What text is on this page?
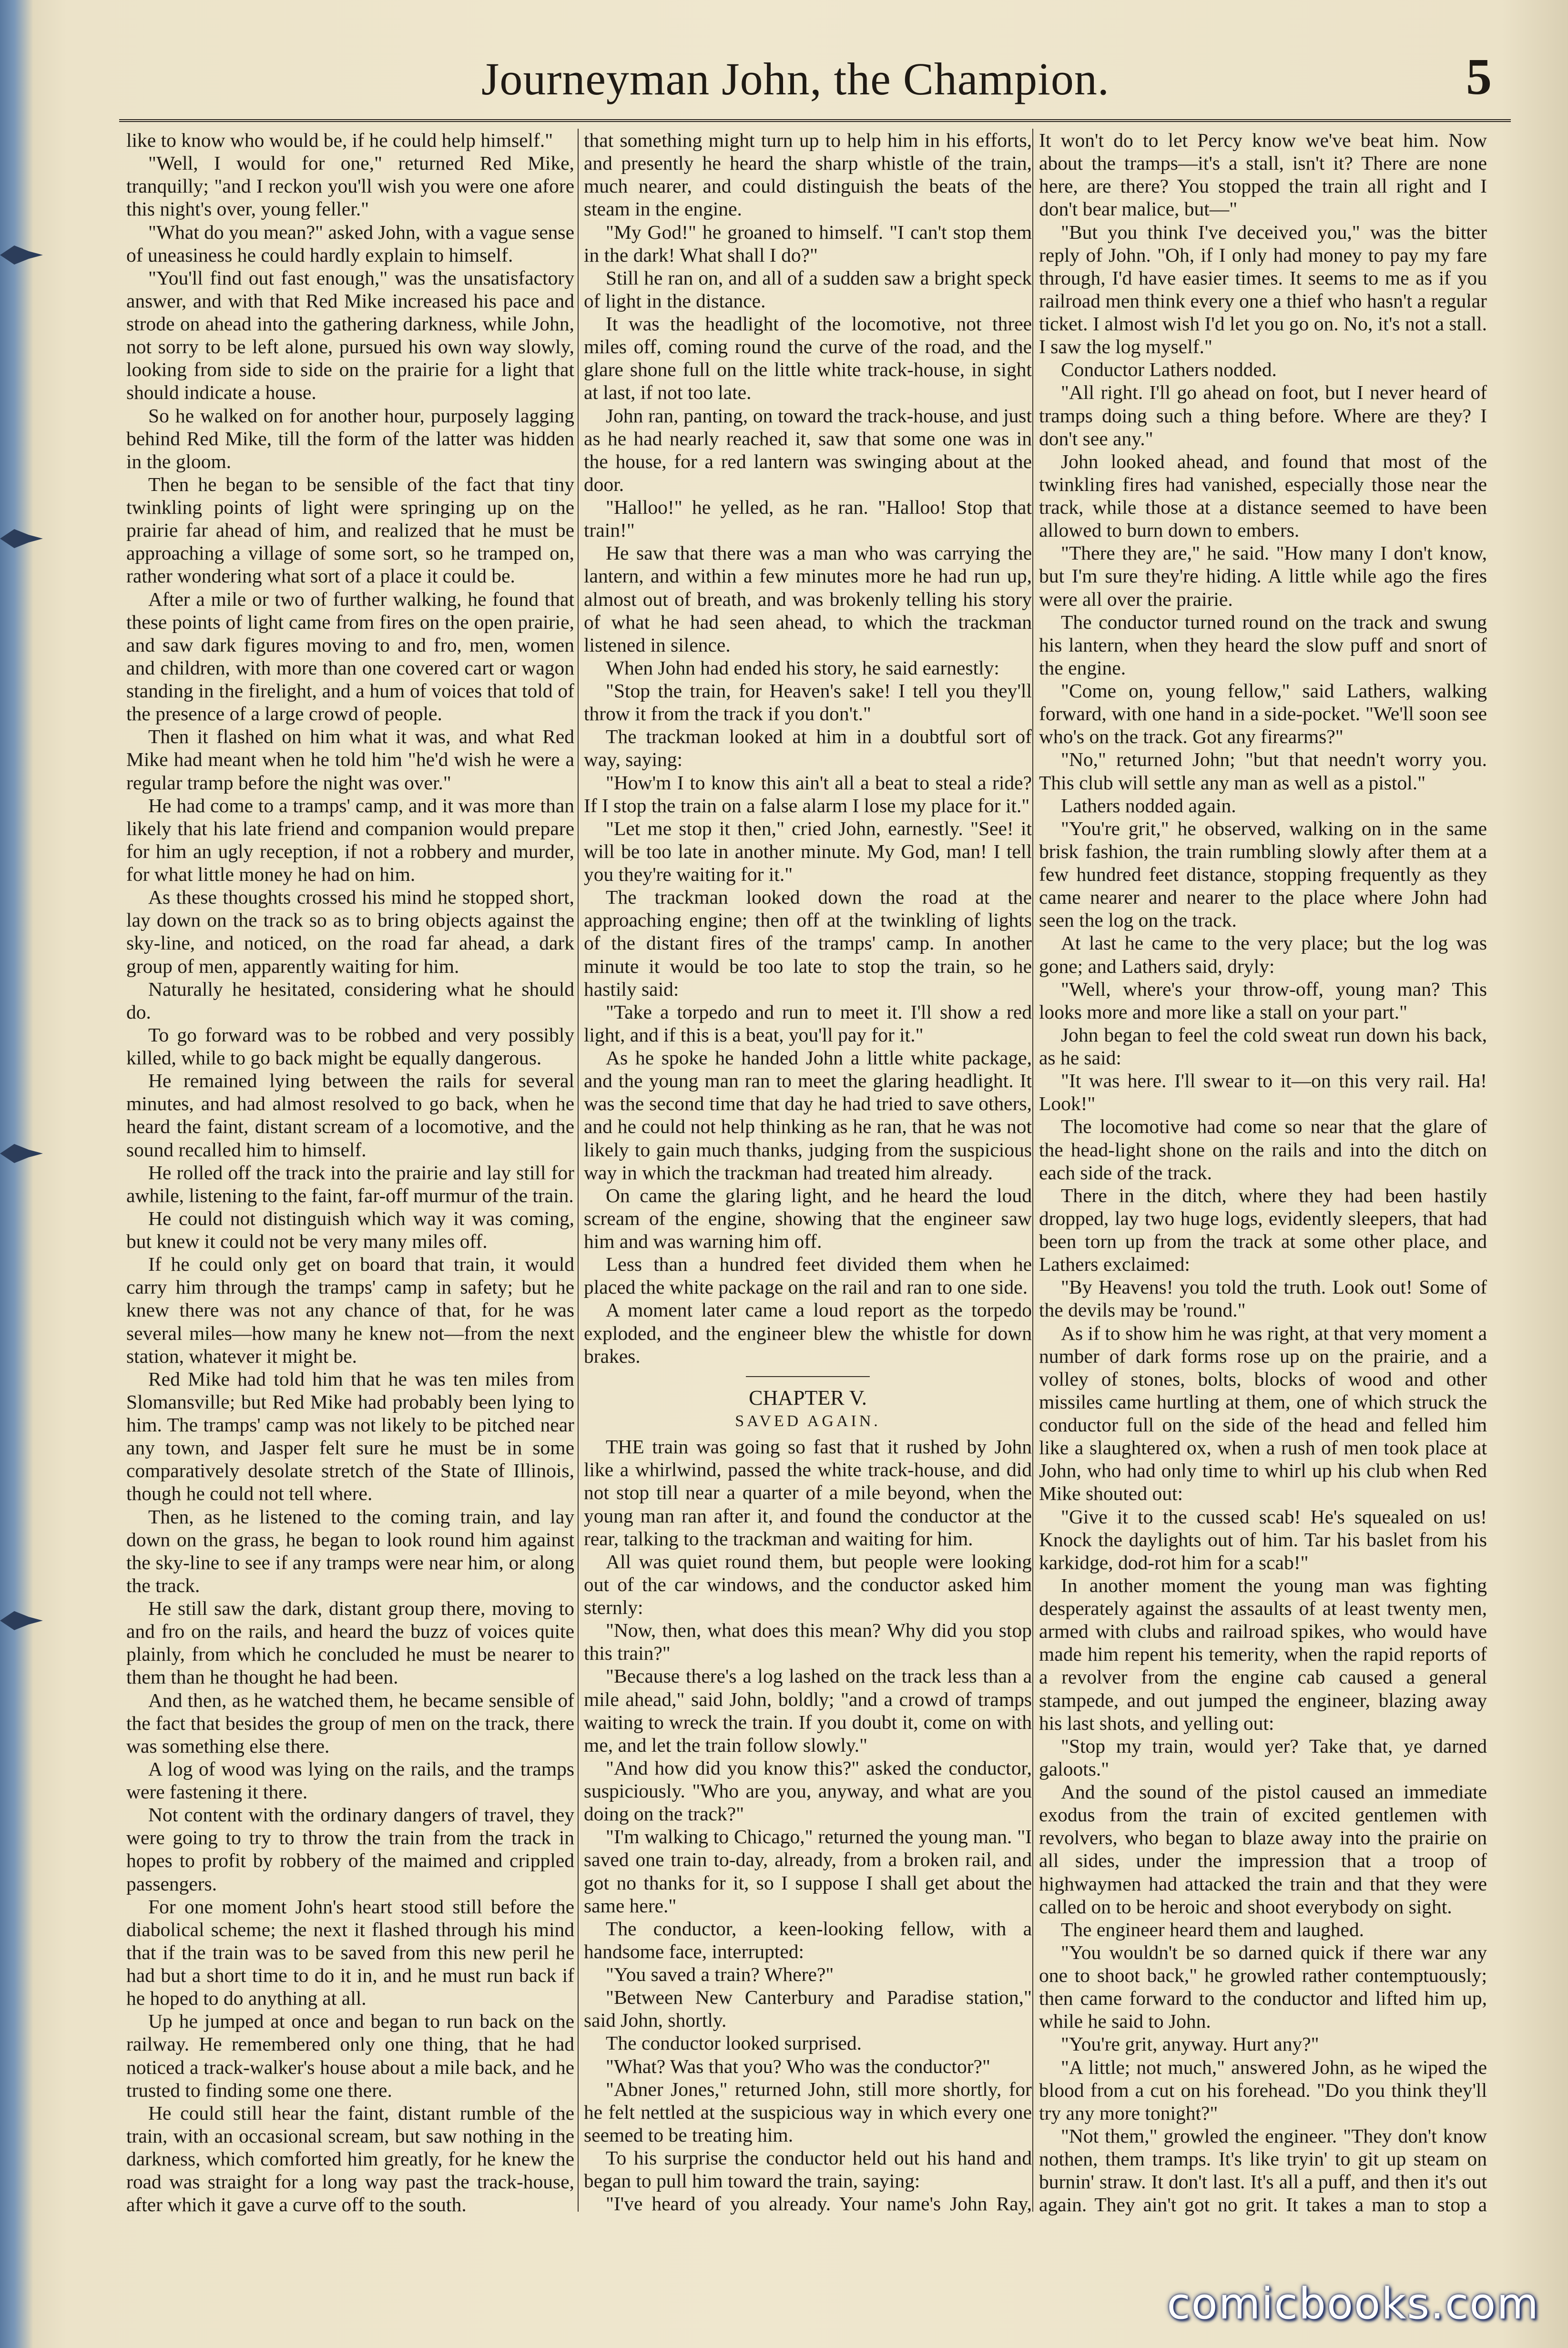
Journeyman John, the Champion.	5

like to know who would be, if he could help himself."

"Well, I would for one," returned Red Mike, tranquilly; "and I reckon you'll wish you were one afore this night's over, young feller."

"What do you mean?" asked John, with a vague sense of uneasiness he could hardly explain to himself.

"You'll find out fast enough," was the unsatisfactory answer, and with that Red Mike increased his pace and strode on ahead into the gathering darkness, while John, not sorry to be left alone, pursued his own way slowly, looking from side to side on the prairie for a light that should indicate a house.

So he walked on for another hour, purposely lagging behind Red Mike, till the form of the latter was hidden in the gloom.

Then he began to be sensible of the fact that tiny twinkling points of light were springing up on the prairie far ahead of him, and realized that he must be approaching a village of some sort, so he tramped on, rather wondering what sort of a place it could be.

After a mile or two of further walking, he found that these points of light came from fires on the open prairie, and saw dark figures moving to and fro, men, women and children, with more than one covered cart or wagon standing in the firelight, and a hum of voices that told of the presence of a large crowd of people.

Then it flashed on him what it was, and what Red Mike had meant when he told him "he'd wish he were a regular tramp before the night was over."

He had come to a tramps' camp, and it was more than likely that his late friend and companion would prepare for him an ugly reception, if not a robbery and murder, for what little money he had on him.

As these thoughts crossed his mind he stopped short, lay down on the track so as to bring objects against the sky-line, and noticed, on the road far ahead, a dark group of men, apparently waiting for him.

Naturally he hesitated, considering what he should do.

To go forward was to be robbed and very possibly killed, while to go back might be equally dangerous.

He remained lying between the rails for several minutes, and had almost resolved to go back, when he heard the faint, distant scream of a locomotive, and the sound recalled him to himself.

He rolled off the track into the prairie and lay still for awhile, listening to the faint, far-off murmur of the train.

He could not distinguish which way it was coming, but knew it could not be very many miles off.

If he could only get on board that train, it would carry him through the tramps' camp in safety; but he knew there was not any chance of that, for he was several miles—how many he knew not—from the next station, whatever it might be.

Red Mike had told him that he was ten miles from Slomansville; but Red Mike had probably been lying to him. The tramps' camp was not likely to be pitched near any town, and Jasper felt sure he must be in some comparatively desolate stretch of the State of Illinois, though he could not tell where.

Then, as he listened to the coming train, and lay down on the grass, he began to look round him against the sky-line to see if any tramps were near him, or along the track.

He still saw the dark, distant group there, moving to and fro on the rails, and heard the buzz of voices quite plainly, from which he concluded he must be nearer to them than he thought he had been.

And then, as he watched them, he became sensible of the fact that besides the group of men on the track, there was something else there.

A log of wood was lying on the rails, and the tramps were fastening it there.

Not content with the ordinary dangers of travel, they were going to try to throw the train from the track in hopes to profit by robbery of the maimed and crippled passengers.

For one moment John's heart stood still before the diabolical scheme; the next it flashed through his mind that if the train was to be saved from this new peril he had but a short time to do it in, and he must run back if he hoped to do anything at all.

Up he jumped at once and began to run back on the railway. He remembered only one thing, that he had noticed a track-walker's house about a mile back, and he trusted to finding some one there.

He could still hear the faint, distant rumble of the train, with an occasional scream, but saw nothing in the darkness, which comforted him greatly, for he knew the road was straight for a long way past the track-house, after which it gave a curve off to the south.

that something might turn up to help him in his efforts, and presently he heard the sharp whistle of the train, much nearer, and could distinguish the beats of the steam in the engine.

"My God!" he groaned to himself. "I can't stop them in the dark! What shall I do?"

Still he ran on, and all of a sudden saw a bright speck of light in the distance.

It was the headlight of the locomotive, not three miles off, coming round the curve of the road, and the glare shone full on the little white track-house, in sight at last, if not too late.

John ran, panting, on toward the track-house, and just as he had nearly reached it, saw that some one was in the house, for a red lantern was swinging about at the door.

"Halloo!" he yelled, as he ran. "Halloo! Stop that train!"

He saw that there was a man who was carrying the lantern, and within a few minutes more he had run up, almost out of breath, and was brokenly telling his story of what he had seen ahead, to which the trackman listened in silence.

When John had ended his story, he said earnestly:

"Stop the train, for Heaven's sake! I tell you they'll throw it from the track if you don't."

The trackman looked at him in a doubtful sort of way, saying:

"How'm I to know this ain't all a beat to steal a ride? If I stop the train on a false alarm I lose my place for it."

"Let me stop it then," cried John, earnestly. "See! it will be too late in another minute. My God, man! I tell you they're waiting for it."

The trackman looked down the road at the approaching engine; then off at the twinkling of lights of the distant fires of the tramps' camp. In another minute it would be too late to stop the train, so he hastily said:

"Take a torpedo and run to meet it. I'll show a red light, and if this is a beat, you'll pay for it."

As he spoke he handed John a little white package, and the young man ran to meet the glaring headlight. It was the second time that day he had tried to save others, and he could not help thinking as he ran, that he was not likely to gain much thanks, judging from the suspicious way in which the trackman had treated him already.

On came the glaring light, and he heard the loud scream of the engine, showing that the engineer saw him and was warning him off.

Less than a hundred feet divided them when he placed the white package on the rail and ran to one side.

A moment later came a loud report as the torpedo exploded, and the engineer blew the whistle for down brakes.

CHAPTER V.
SAVED AGAIN.

THE train was going so fast that it rushed by John like a whirlwind, passed the white track-house, and did not stop till near a quarter of a mile beyond, when the young man ran after it, and found the conductor at the rear, talking to the trackman and waiting for him.

All was quiet round them, but people were looking out of the car windows, and the conductor asked him sternly:

"Now, then, what does this mean? Why did you stop this train?"

"Because there's a log lashed on the track less than a mile ahead," said John, boldly; "and a crowd of tramps waiting to wreck the train. If you doubt it, come on with me, and let the train follow slowly."

"And how did you know this?" asked the conductor, suspiciously. "Who are you, anyway, and what are you doing on the track?"

"I'm walking to Chicago," returned the young man. "I saved one train to-day, already, from a broken rail, and got no thanks for it, so I suppose I shall get about the same here."

The conductor, a keen-looking fellow, with a handsome face, interrupted:

"You saved a train? Where?"

"Between New Canterbury and Paradise station," said John, shortly.

The conductor looked surprised.

"What? Was that you? Who was the conductor?"

"Abner Jones," returned John, still more shortly, for he felt nettled at the suspicious way in which every one seemed to be treating him.

To his surprise the conductor held out his hand and began to pull him toward the train, saying:

"I've heard of you already. Your name's John Ray,

It won't do to let Percy know we've beat him. Now about the tramps—it's a stall, isn't it? There are none here, are there? You stopped the train all right and I don't bear malice, but—"

"But you think I've deceived you," was the bitter reply of John. "Oh, if I only had money to pay my fare through, I'd have easier times. It seems to me as if you railroad men think every one a thief who hasn't a regular ticket. I almost wish I'd let you go on. No, it's not a stall. I saw the log myself."

Conductor Lathers nodded.

"All right. I'll go ahead on foot, but I never heard of tramps doing such a thing before. Where are they? I don't see any."

John looked ahead, and found that most of the twinkling fires had vanished, especially those near the track, while those at a distance seemed to have been allowed to burn down to embers.

"There they are," he said. "How many I don't know, but I'm sure they're hiding. A little while ago the fires were all over the prairie.

The conductor turned round on the track and swung his lantern, when they heard the slow puff and snort of the engine.

"Come on, young fellow," said Lathers, walking forward, with one hand in a side-pocket. "We'll soon see who's on the track. Got any firearms?"

"No," returned John; "but that needn't worry you. This club will settle any man as well as a pistol."

Lathers nodded again.

"You're grit," he observed, walking on in the same brisk fashion, the train rumbling slowly after them at a few hundred feet distance, stopping frequently as they came nearer and nearer to the place where John had seen the log on the track.

At last he came to the very place; but the log was gone; and Lathers said, dryly:

"Well, where's your throw-off, young man? This looks more and more like a stall on your part."

John began to feel the cold sweat run down his back, as he said:

"It was here. I'll swear to it—on this very rail. Ha! Look!"

The locomotive had come so near that the glare of the head-light shone on the rails and into the ditch on each side of the track.

There in the ditch, where they had been hastily dropped, lay two huge logs, evidently sleepers, that had been torn up from the track at some other place, and Lathers exclaimed:

"By Heavens! you told the truth. Look out! Some of the devils may be 'round."

As if to show him he was right, at that very moment a number of dark forms rose up on the prairie, and a volley of stones, bolts, blocks of wood and other missiles came hurtling at them, one of which struck the conductor full on the side of the head and felled him like a slaughtered ox, when a rush of men took place at John, who had only time to whirl up his club when Red Mike shouted out:

"Give it to the cussed scab! He's squealed on us! Knock the daylights out of him. Tar his baslet from his karkidge, dod-rot him for a scab!"

In another moment the young man was fighting desperately against the assaults of at least twenty men, armed with clubs and railroad spikes, who would have made him repent his temerity, when the rapid reports of a revolver from the engine cab caused a general stampede, and out jumped the engineer, blazing away his last shots, and yelling out:

"Stop my train, would yer? Take that, ye darned galoots."

And the sound of the pistol caused an immediate exodus from the train of excited gentlemen with revolvers, who began to blaze away into the prairie on all sides, under the impression that a troop of highwaymen had attacked the train and that they were called on to be heroic and shoot everybody on sight.

The engineer heard them and laughed.

"You wouldn't be so darned quick if there war any one to shoot back," he growled rather contemptuously; then came forward to the conductor and lifted him up, while he said to John.

"You're grit, anyway. Hurt any?"

"A little; not much," answered John, as he wiped the blood from a cut on his forehead. "Do you think they'll try any more tonight?"

"Not them," growled the engineer. "They don't know nothen, them tramps. It's like tryin' to git up steam on burnin' straw. It don't last. It's all a puff, and then it's out again. They ain't got no grit. It takes a man to stop a

comicbooks.com
